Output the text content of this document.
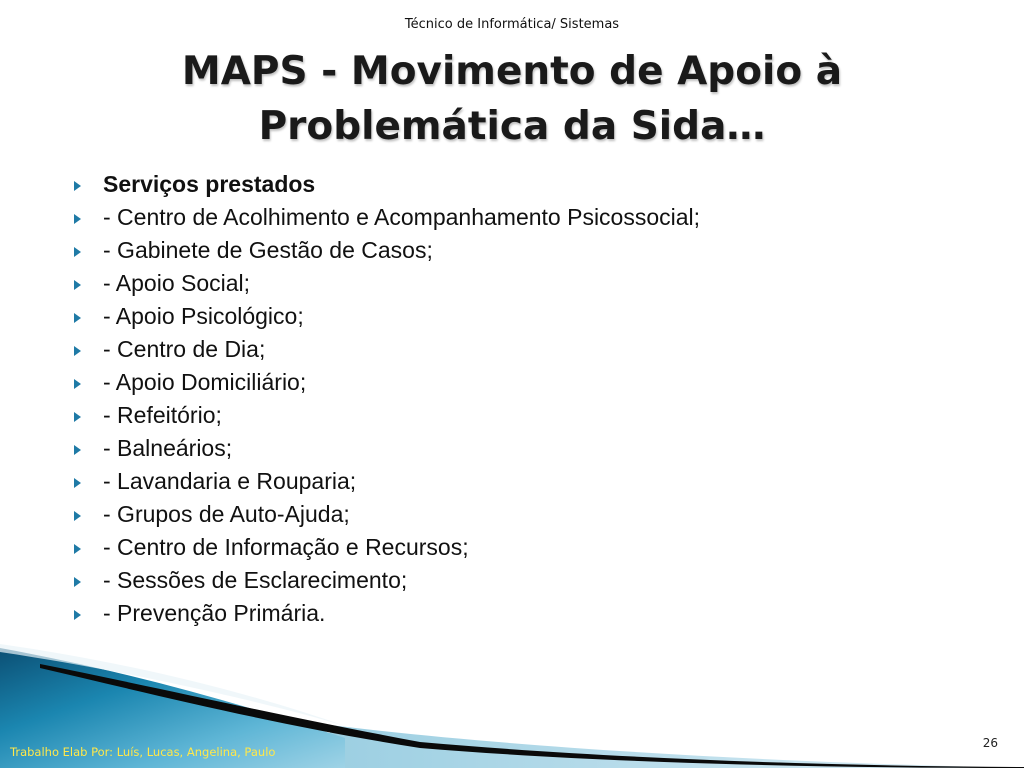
Técnico de Informática/ Sistemas
MAPS - Movimento de Apoio à
Problemática da Sida…
Serviços prestados
- Centro de Acolhimento e Acompanhamento Psicossocial;
- Gabinete de Gestão de Casos;
- Apoio Social;
- Apoio Psicológico;
- Centro de Dia;
- Apoio Domiciliário;
- Refeitório;
- Balneários;
- Lavandaria e Rouparia;
- Grupos de Auto-Ajuda;
- Centro de Informação e Recursos;
- Sessões de Esclarecimento;
- Prevenção Primária.
Trabalho Elab Por: Luís, Lucas, Angelina, Paulo
26
